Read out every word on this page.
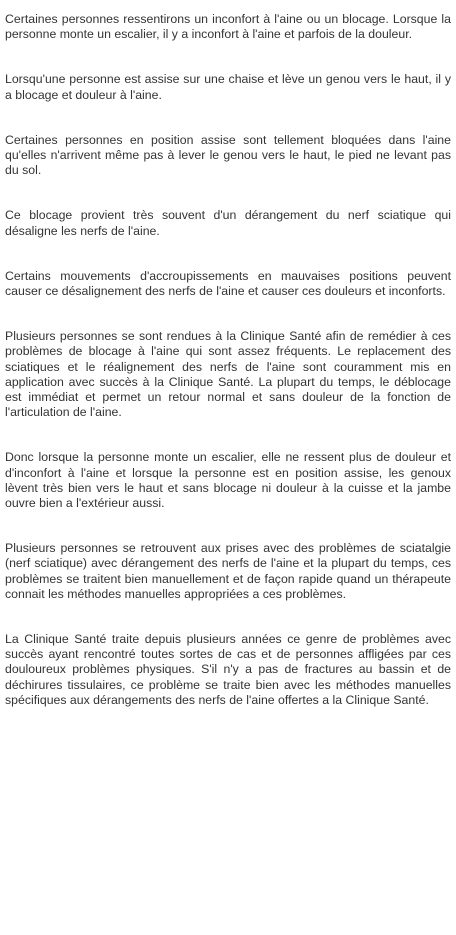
Certaines personnes ressentirons un inconfort à l'aine ou un blocage. Lorsque la personne monte un escalier, il y a inconfort à l'aine et parfois de la douleur.

Lorsqu'une personne est assise sur une chaise et lève un genou vers le haut, il y a blocage et douleur à l'aine.

Certaines personnes en position assise sont tellement bloquées dans l'aine qu'elles n'arrivent même pas à lever le genou vers le haut, le pied ne levant pas du sol.

Ce blocage provient très souvent d'un dérangement du nerf sciatique qui désaligne les nerfs de l'aine.

Certains mouvements d'accroupissements en mauvaises positions peuvent causer ce désalignement des nerfs de l'aine et causer ces douleurs et inconforts.

Plusieurs personnes se sont rendues à la Clinique Santé afin de remédier à ces problèmes de blocage à l'aine qui sont assez fréquents. Le replacement des sciatiques et le réalignement des nerfs de l'aine sont couramment mis en application avec succès à la Clinique Santé. La plupart du temps, le déblocage est immédiat et permet un retour normal et sans douleur de la fonction de l'articulation de l'aine.

Donc lorsque la personne monte un escalier, elle ne ressent plus de douleur et d'inconfort à l'aine et lorsque la personne est en position assise, les genoux lèvent très bien vers le haut et sans blocage ni douleur à la cuisse et la jambe ouvre bien a l'extérieur aussi.

Plusieurs personnes se retrouvent aux prises avec des problèmes de sciatalgie (nerf sciatique) avec dérangement des nerfs de l'aine et la plupart du temps, ces problèmes se traitent bien manuellement et de façon rapide quand un thérapeute connait les méthodes manuelles appropriées a ces problèmes.

La Clinique Santé traite depuis plusieurs années ce genre de problèmes avec succès ayant rencontré toutes sortes de cas et de personnes affligées par ces douloureux problèmes physiques. S'il n'y a pas de fractures au bassin et de déchirures tissulaires, ce problème se traite bien avec les méthodes manuelles spécifiques aux dérangements des nerfs de l'aine offertes a la Clinique Santé.
